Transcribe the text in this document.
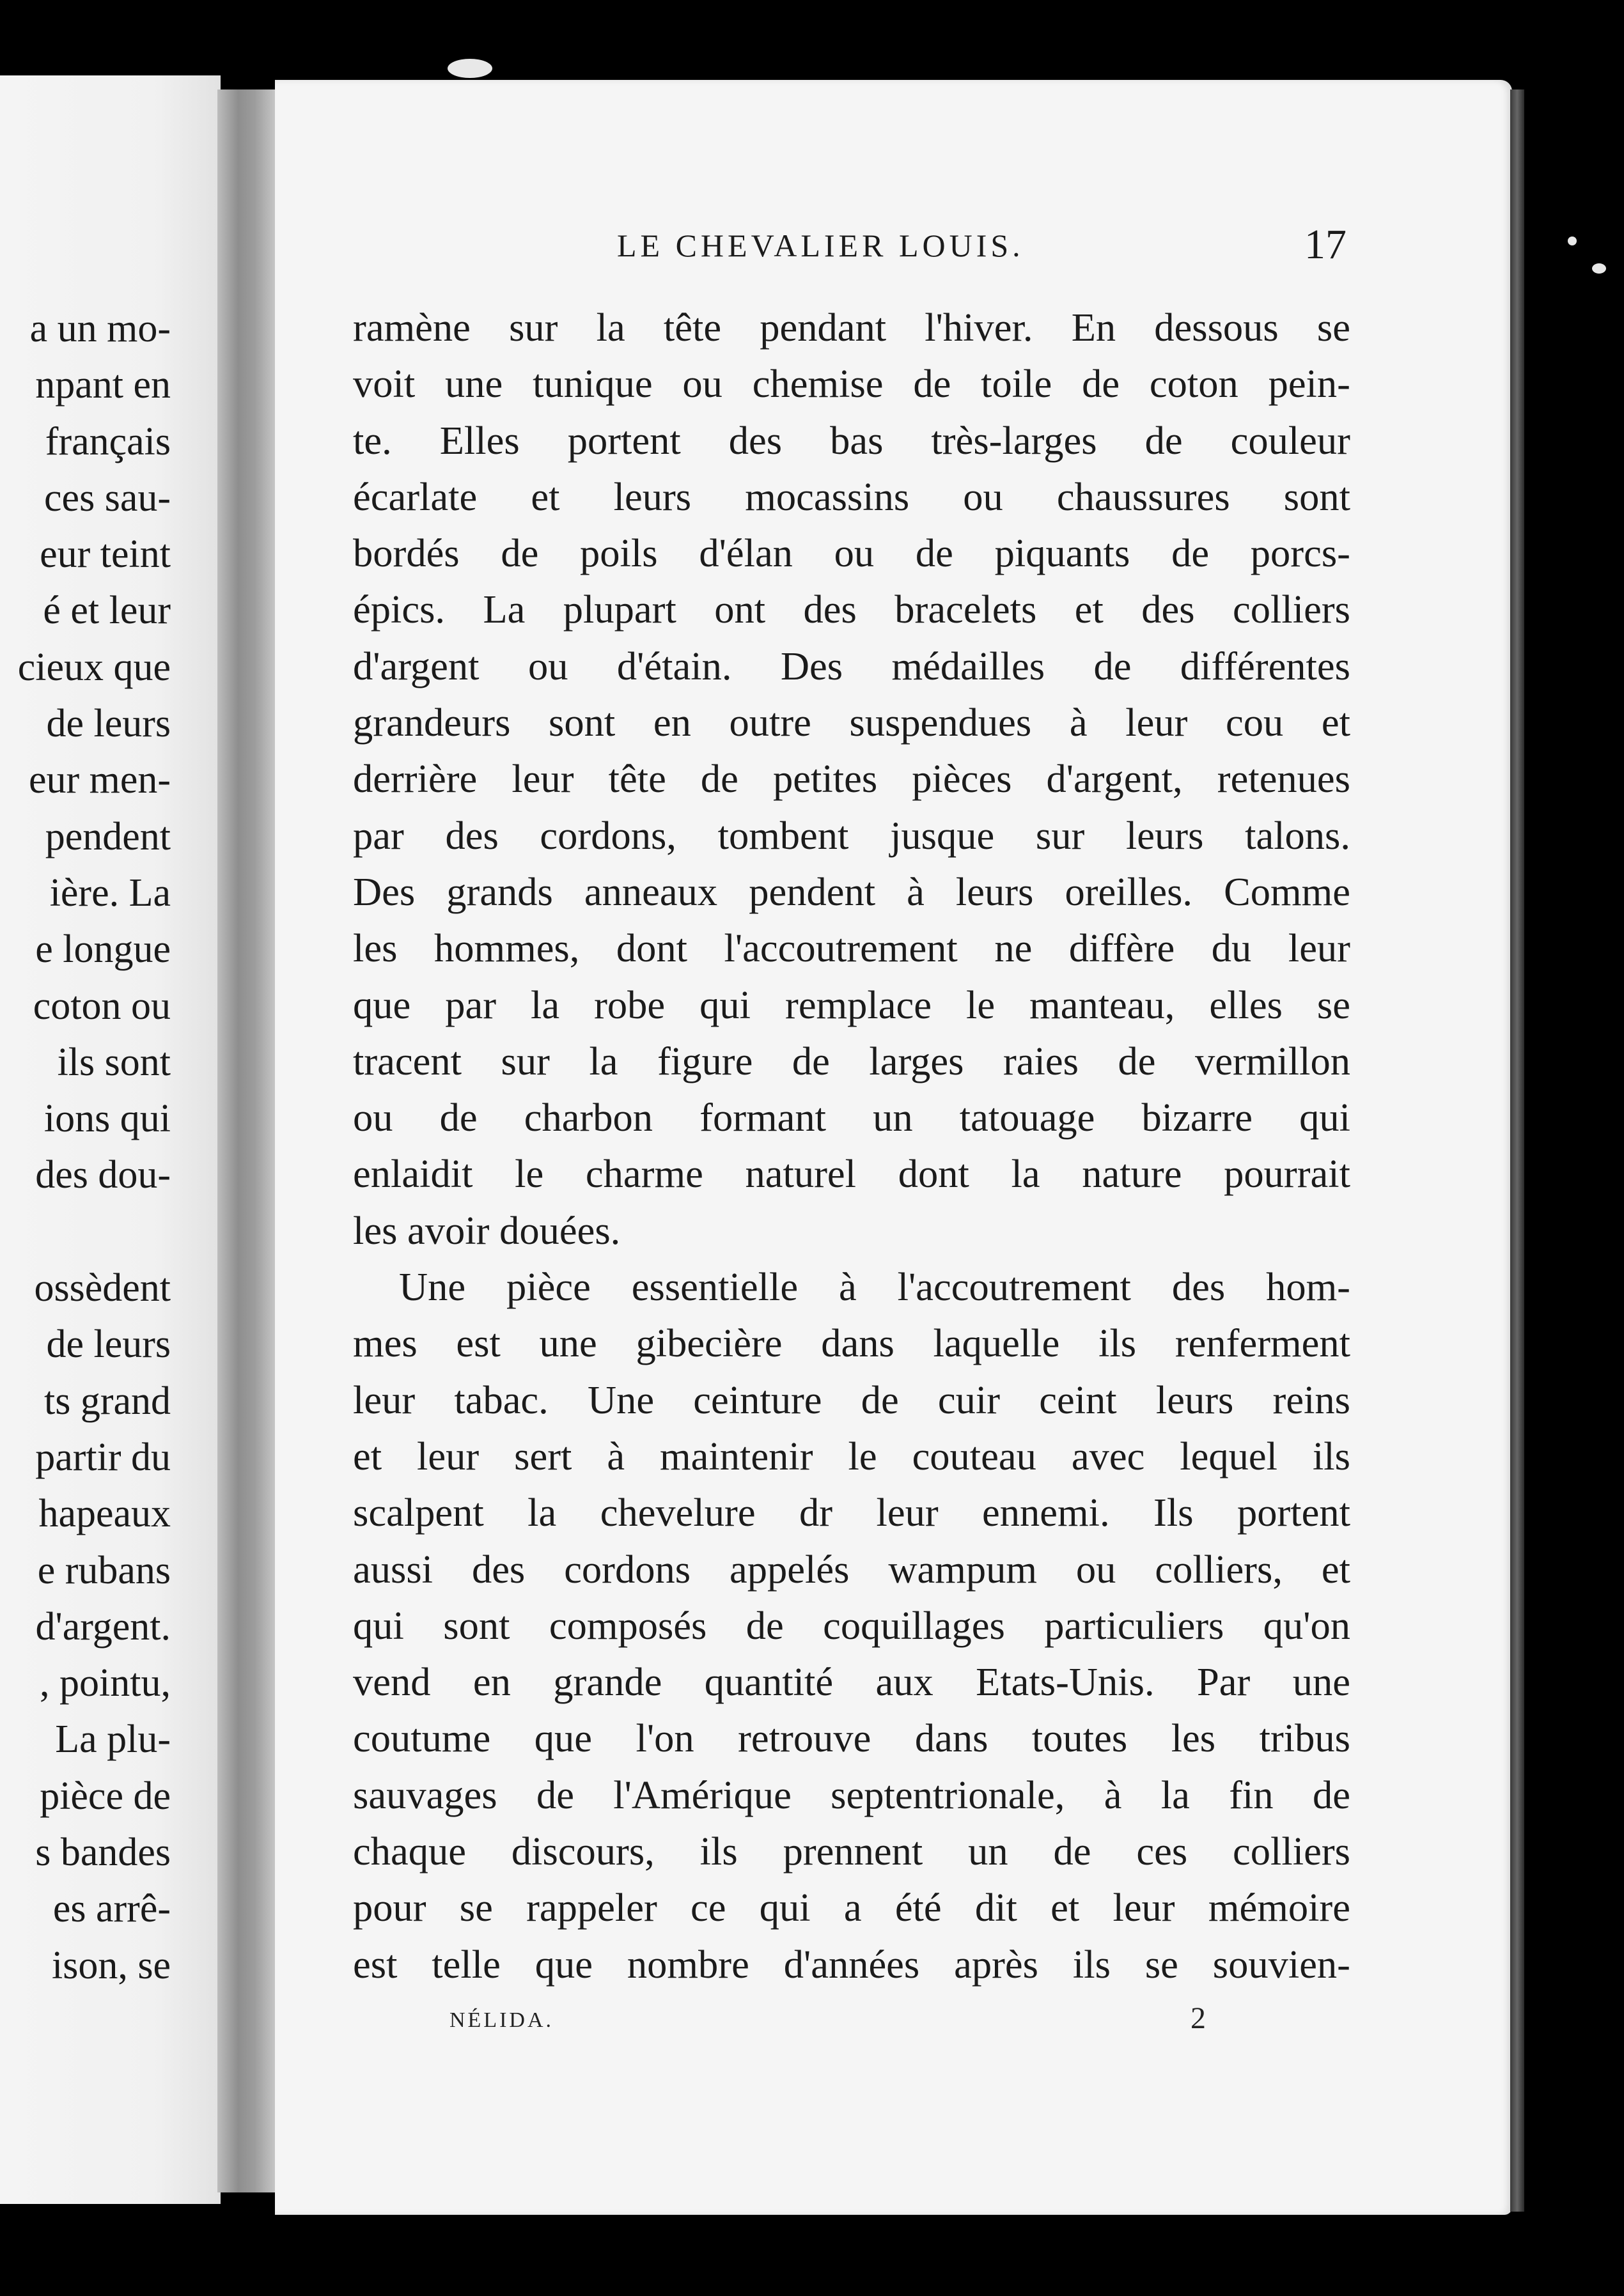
a un mo-
npant en
français
ces sau-
eur teint
é et leur
cieux que
de leurs
eur men-
pendent
ière. La
e longue
coton ou
ils sont
ions qui
des dou-
ossèdent
de leurs
ts grand
partir du
hapeaux
e rubans
d'argent.
, pointu,
La plu-
pièce de
s bandes
es arrê-
ison, se
LE CHEVALIER LOUIS.	17
ramène sur la tête pendant l'hiver. En dessous se
voit une tunique ou chemise de toile de coton pein-
te. Elles portent des bas très-larges de couleur
écarlate et leurs mocassins ou chaussures sont
bordés de poils d'élan ou de piquants de porcs-
épics. La plupart ont des bracelets et des colliers
d'argent ou d'étain. Des médailles de différentes
grandeurs sont en outre suspendues à leur cou et
derrière leur tête de petites pièces d'argent, retenues
par des cordons, tombent jusque sur leurs talons.
Des grands anneaux pendent à leurs oreilles. Comme
les hommes, dont l'accoutrement ne diffère du leur
que par la robe qui remplace le manteau, elles se
tracent sur la figure de larges raies de vermillon
ou de charbon formant un tatouage bizarre qui
enlaidit le charme naturel dont la nature pourrait
les avoir douées.
Une pièce essentielle à l'accoutrement des hom-
mes est une gibecière dans laquelle ils renferment
leur tabac. Une ceinture de cuir ceint leurs reins
et leur sert à maintenir le couteau avec lequel ils
scalpent la chevelure dr leur ennemi. Ils portent
aussi des cordons appelés wampum ou colliers, et
qui sont composés de coquillages particuliers qu'on
vend en grande quantité aux Etats-Unis. Par une
coutume que l'on retrouve dans toutes les tribus
sauvages de l'Amérique septentrionale, à la fin de
chaque discours, ils prennent un de ces colliers
pour se rappeler ce qui a été dit et leur mémoire
est telle que nombre d'années après ils se souvien-
NÉLIDA.	2
